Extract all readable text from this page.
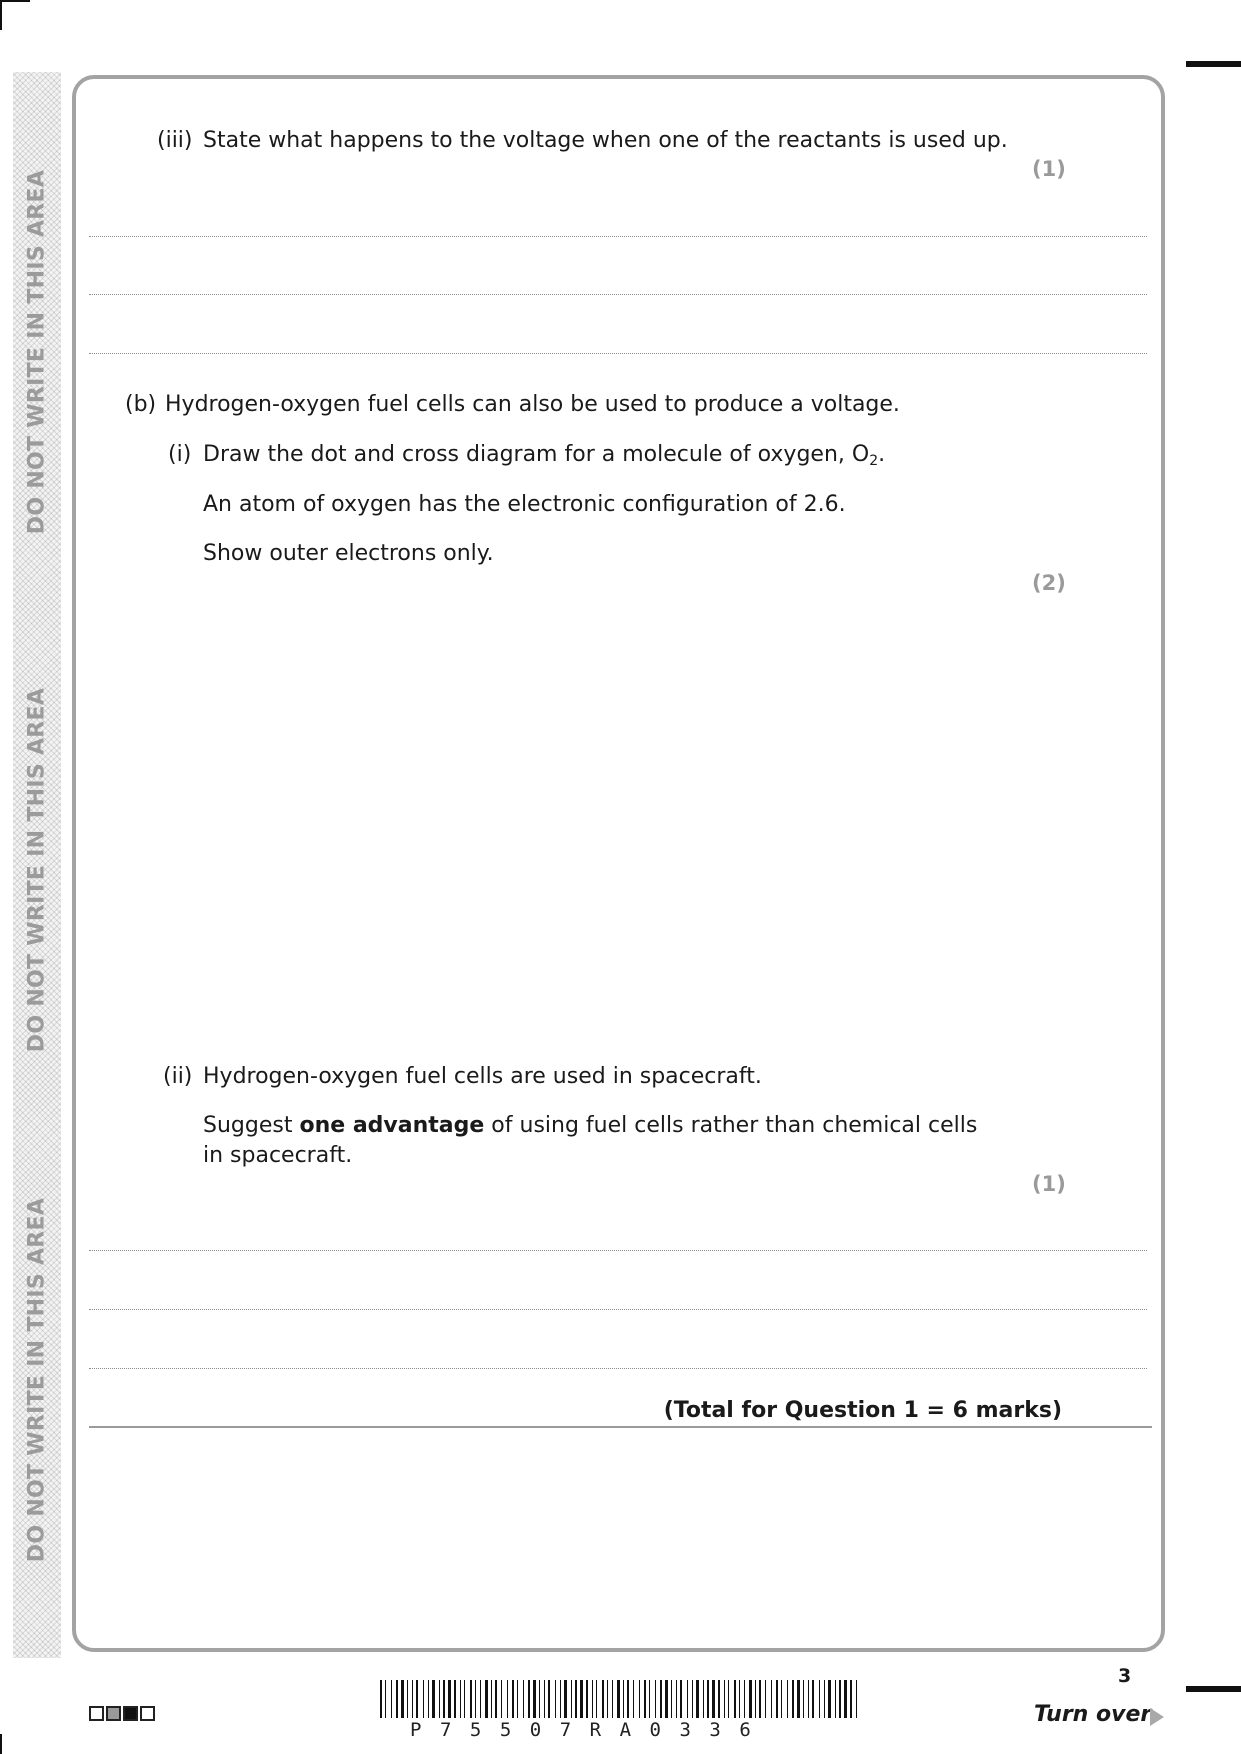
DO NOT WRITE IN THIS AREA
DO NOT WRITE IN THIS AREA
DO NOT WRITE IN THIS AREA
(iii) State what happens to the voltage when one of the reactants is used up.
(1)
(b) Hydrogen-oxygen fuel cells can also be used to produce a voltage.
(i) Draw the dot and cross diagram for a molecule of oxygen, $O_2$.
An atom of oxygen has the electronic configuration of 2.6.
Show outer electrons only.
(2)
(ii) Hydrogen-oxygen fuel cells are used in spacecraft.
Suggest one advantage of using fuel cells rather than chemical cells
in spacecraft.
(1)
(Total for Question 1 = 6 marks)
P75507RA0336
3
Turn over
